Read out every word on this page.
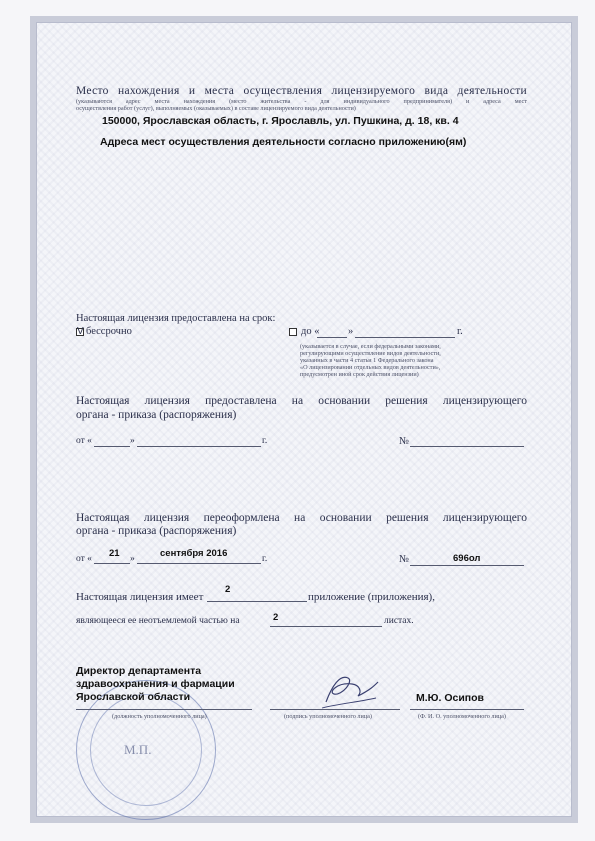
Место нахождения и места осуществления лицензируемого вида деятельности
(указываются адрес места нахождения (место жительства - для индивидуального предпринимателя) и адреса мест
осуществления работ (услуг), выполняемых (оказываемых) в составе лицензируемого вида деятельности)
150000, Ярославская область, г. Ярославль, ул. Пушкина, д. 18, кв. 4
Адреса мест осуществления деятельности согласно приложению(ям)
Настоящая лицензия предоставлена на срок:
V бессрочно	до «	»	г.
(указывается в случае, если федеральными законами,
регулирующими осуществление видов деятельности,
указанных в части 4 статьи 1 Федерального закона
«О лицензировании отдельных видов деятельности»,
предусмотрен иной срок действия лицензии)
Настоящая лицензия предоставлена на основании решения лицензирующего
органа - приказа (распоряжения)
от «	»	г.	№
Настоящая лицензия переоформлена на основании решения лицензирующего
органа - приказа (распоряжения)
от « 21 »	сентября 2016	г.	№	696ол
Настоящая лицензия имеет
2
приложение (приложения),
являющееся ее неотъемлемой частью на	2	листах.
М.П.
Директор департамента
здравоохранения и фармации
Ярославской области
(должность уполномоченного лица)	(подпись уполномоченного лица)
М.Ю. Осипов
(Ф. И. О. уполномоченного лица)
